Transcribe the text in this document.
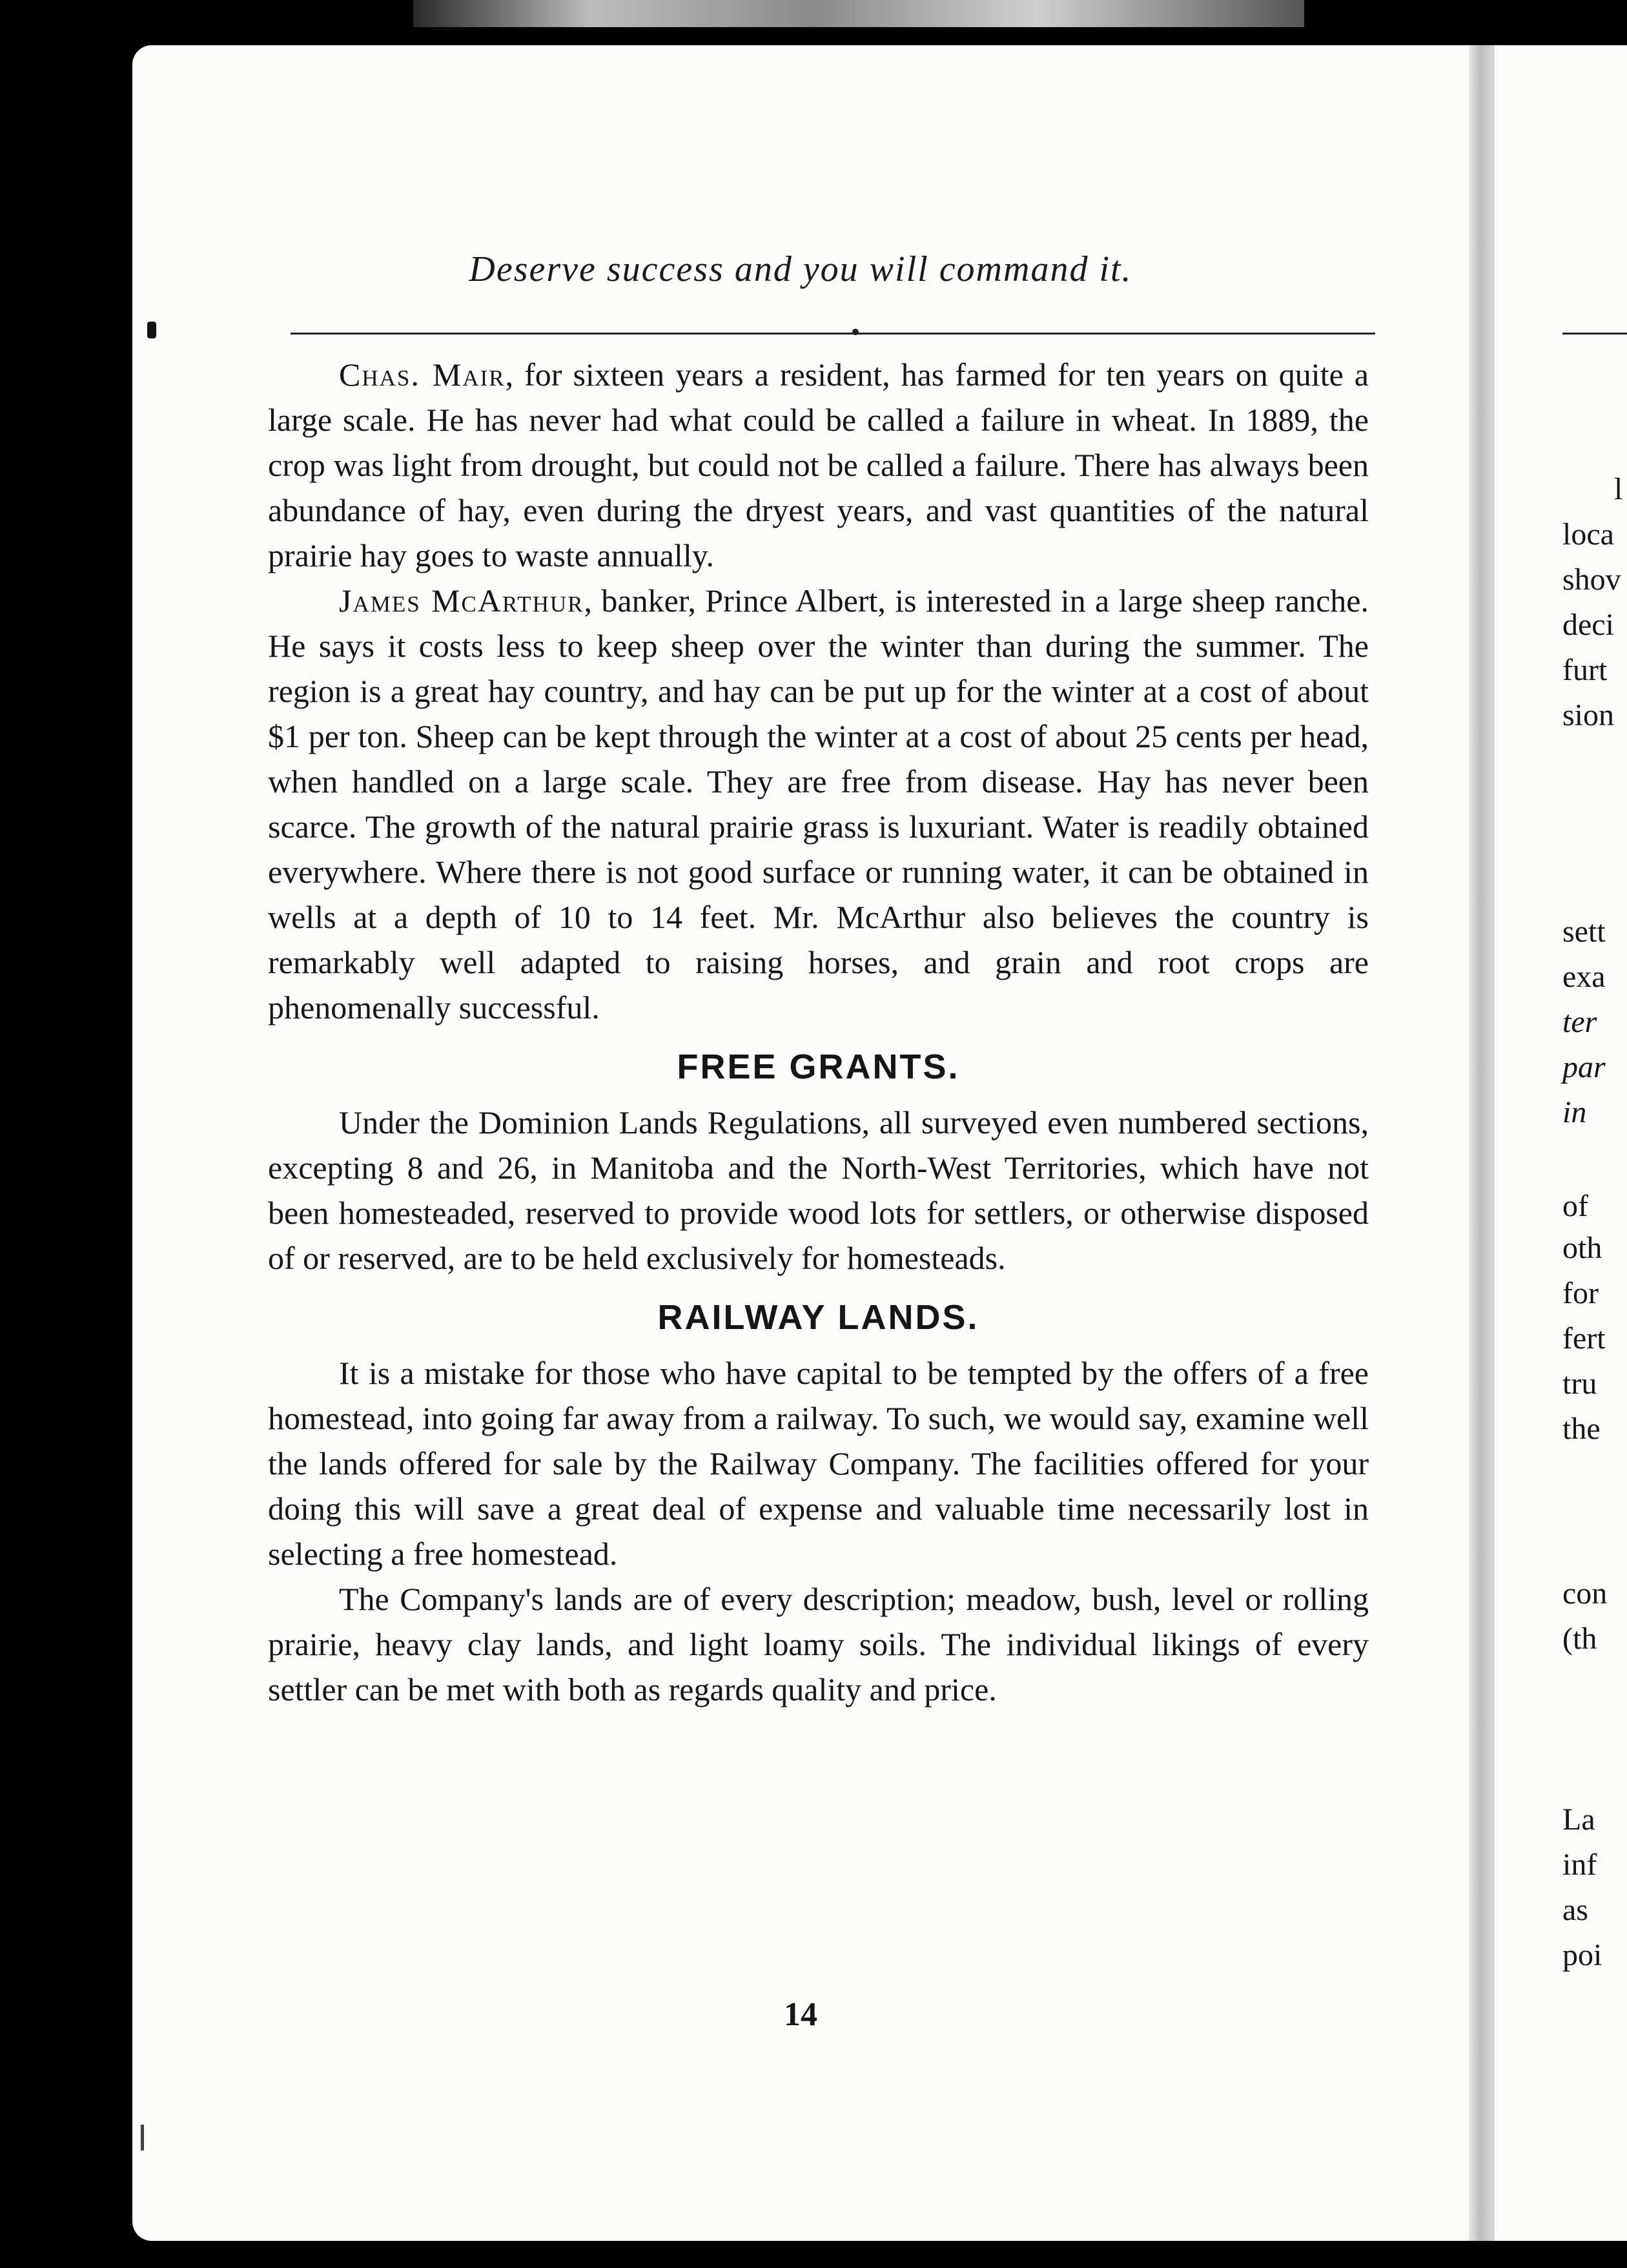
Deserve success and you will command it.

Chas. Mair, for sixteen years a resident, has farmed for ten years on quite a large scale. He has never had what could be called a failure in wheat. In 1889, the crop was light from drought, but could not be called a failure. There has always been abundance of hay, even during the dryest years, and vast quantities of the natural prairie hay goes to waste annually.

James McArthur, banker, Prince Albert, is interested in a large sheep ranche. He says it costs less to keep sheep over the winter than during the summer. The region is a great hay country, and hay can be put up for the winter at a cost of about $1 per ton. Sheep can be kept through the winter at a cost of about 25 cents per head, when handled on a large scale. They are free from disease. Hay has never been scarce. The growth of the natural prairie grass is luxuriant. Water is readily obtained everywhere. Where there is not good surface or running water, it can be obtained in wells at a depth of 10 to 14 feet. Mr. McArthur also believes the country is remarkably well adapted to raising horses, and grain and root crops are phenomenally successful.

FREE GRANTS.

Under the Dominion Lands Regulations, all surveyed even numbered sections, excepting 8 and 26, in Manitoba and the North-West Territories, which have not been homesteaded, reserved to provide wood lots for settlers, or otherwise disposed of or reserved, are to be held exclusively for homesteads.

RAILWAY LANDS.

It is a mistake for those who have capital to be tempted by the offers of a free homestead, into going far away from a railway. To such, we would say, examine well the lands offered for sale by the Railway Company. The facilities offered for your doing this will save a great deal of expense and valuable time necessarily lost in selecting a free homestead.

The Company's lands are of every description; meadow, bush, level or rolling prairie, heavy clay lands, and light loamy soils. The individual likings of every settler can be met with both as regards quality and price.

14
l
loca
shov
deci
furt
sion
sett
exa
ter
par
in
of
oth
for
fert
tru
the
con
(th
La
inf
as
poi
